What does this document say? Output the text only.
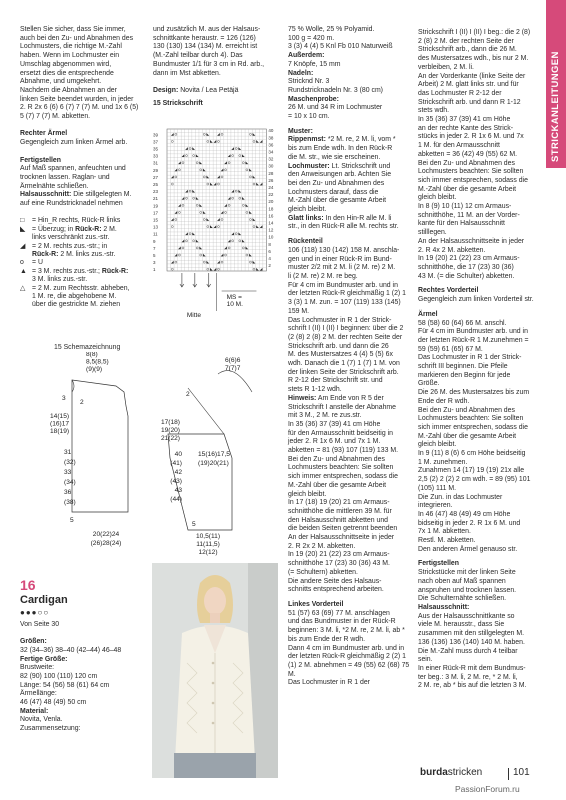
STRICKANLEITUNGEN
Stellen Sie sicher, dass Sie immer,
auch bei den Zu- und Abnahmen des
Lochmusters, die richtige M.-Zahl
haben. Wenn im Lochmuster ein
Umschlag abgenommen wird,
ersetzt dies die entsprechende
Abnahme, und umgekehrt.
Nachdem die Abnahmen an der
linken Seite beendet wurden, in jeder
2. R 2x 6 (6) 6 (7) 7 (7) M. und 1x 6 (5)
5 (7) 7 (7) M. abketten.
Rechter Ärmel
Gegengleich zum linken Ärmel arb.
Fertigstellen
Auf Maß spannen, anfeuchten und
trocknen lassen. Raglan- und
Ärmelnähte schließen.
Halsausschnitt: Die stillgelegten M.
auf eine Rundstricknadel nehmen
□	= Hin_R rechts, Rück-R links
◣ = Überzug; in Rück-R: 2 M.
links verschränkt zus.-str.
◢ = 2 M. rechts zus.-str.; in
Rück-R: 2 M. links zus.-str.
o	= U
▲ = 3 M. rechts zus.-str.; Rück-R:
3 M. links zus.-str.
△ = 2 M. zum Rechtsstr. abheben,
1 M. re, die abgehobene M.
über die gestrickte M. ziehen
und zusätzlich M. aus der Halsaus-
schnittkante heraustr. = 126 (126)
130 (130) 134 (134) M. erreicht ist
(M.-Zahl teilbar durch 4). Das
Bundmuster 1/1 für 3 cm in Rd. arb.,
dann im Mst abketten.
Design: Novita / Lea Petäjä
15 Strickschrift
39
37
35
33
31
29
27
25
23
21
19
17
15
13
11
9
7
5
3
1
40
38
36
34
32
30
28
26
24
22
20
18
16
14
12
10
8
6
4
2
MS =
10 M.
Mitte
15 Schemazeichnung
8(8)
8,5(8,5)
(9)(9)
2
3
14(15)
(16)17
18(19)
31
(32)
33
(34)
36
(38)
5
20(22)24
(26)28(24)
2
17(18)
19(20)
21(22)
40
(41)
42
(43)
43
(44)
15(16)17,5
(19)20(21)
10,5(11)
11(11,5)
12(12)
5
6(6)6
7(7)7
16
Cardigan
●●●○○
Von Seite 30
Größen:
32 (34–36) 38–40 (42–44) 46–48
Fertige Größe:
Brustweite:
82 (90) 100 (110) 120 cm
Länge: 54 (56) 58 (61) 64 cm
Ärmellänge:
46 (47) 48 (49) 50 cm
Material:
Novita, Venla.
Zusammensetzung:
75 % Wolle, 25 % Polyamid.
100 g = 420 m.
3 (3) 4 (4) 5 Knl Fb 010 Naturweiß
Außerdem:
7 Knöpfe, 15 mm
Nadeln:
Stricknd Nr. 3
Rundstricknadeln Nr. 3 (80 cm)
Maschenprobe:
26 M. und 34 R im Lochmuster
= 10 x 10 cm.

Muster:
Rippenmst: *2 M. re, 2 M. li, vom *
bis zum Ende wdh. In den Rück-R
die M. str., wie sie erscheinen.
Lochmuster: Lt. Strickschrift und
den Anweisungen arb. Achten Sie
bei den Zu- und Abnahmen des
Lochmusters darauf, dass die
M.-Zahl über die gesamte Arbeit
gleich bleibt.
Glatt links: In den Hin-R alle M. li
str., in den Rück-R alle M. rechts str.

Rückenteil
106 (118) 130 (142) 158 M. anschla-
gen und in einer Rück-R im Bund-
muster 2/2 mit 2 M. li (2 M. re) 2 M.
li (2 M. re) 2 M. re beg.
Für 4 cm im Bundmuster arb. und in
der letzten Rück-R gleichmäßig 1 (2) 1
3 (3) 1 M. zun. = 107 (119) 133 (145)
159 M.
Das Lochmuster in R 1 der Strick-
schrift I (II) I (II) I beginnen: über die 2
(2 (8) 2 (8) 2 M. der rechten Seite der
Strickschrift arb. und dann die 26
M. des Mustersatzes 4 (4) 5 (5) 6x
wdh. Danach die 1 (7) 1 (7) 1 M. von
der linken Seite der Strickschrift arb.
R 2-12 der Strickschrift str. und
stets R 1-12 wdh.
Hinweis: Am Ende von R 5 der
Strickschrift I anstelle der Abnahme
mit 3 M., 2 M. re zus.str.
In 35 (36) 37 (39) 41 cm Höhe
für den Armausschnitt beidseitig in
jeder 2. R 1x 6 M. und 7x 1 M.
abketten = 81 (93) 107 (119) 133 M.
Bei den Zu- und Abnahmen des
Lochmusters beachten: Sie sollten
sich immer entsprechen, sodass die
M.-Zahl über die gesamte Arbeit
gleich bleibt.
In 17 (18) 19 (20) 21 cm Armaus-
schnitthöhe die mittleren 39 M. für
den Halsausschnitt abketten und
die beiden Seiten getrennt beenden
An der Halsausschnittseite in jeder
2. R 2x 2 M. abketten.
In 19 (20) 21 (22) 23 cm Armaus-
schnitthöhe 17 (23) 30 (36) 43 M.
(= Schultern) abketten.
Die andere Seite des Halsaus-
schnitts entsprechend arbeiten.

Linkes Vorderteil
51 (57) 63 (69) 77 M. anschlagen
und das Bundmuster in der Rück-R
beginnen: 3 M. li, *2 M. re, 2 M. li, ab *
bis zum Ende der R wdh.
Dann 4 cm im Bundmuster arb. und in
der letzten Rück-R gleichmäßig 2 (2) 1
(1) 2 M. abnehmen = 49 (55) 62 (68) 75
M.
Das Lochmuster in R 1 der
Strickschrift I (II) I (II) I beg.: die 2 (8)
2 (8) 2 M. der rechten Seite der
Strickschrift arb., dann die 26 M.
des Mustersatzes wdh., bis nur 2 M.
verbleiben, 2 M. li.
An der Vorderkante (linke Seite der
Arbeit) 2 M. glatt links str. und für
das Lochmuster R 2-12 der
Strickschrift arb. und dann R 1-12
stets wdh.
In 35 (36) 37 (39) 41 cm Höhe
an der rechte Kante des Strick-
stücks in jeder 2. R 1x 6 M. und 7x
1 M. für den Armausschnitt
abketten = 36 (42) 49 (55) 62 M.
Bei den Zu- und Abnahmen des
Lochmusters beachten: Sie sollten
sich immer entsprechen, sodass die
M.-Zahl über die gesamte Arbeit
gleich bleibt.
In 8 (9) 10 (11) 12 cm Armaus-
schnitthöhe, 11 M. an der Vorder-
kante für den Halsausschnitt
stilllegen.
An der Halsausschnittseite in jeder
2. R 4x 2 M. abketten.
In 19 (20) 21 (22) 23 cm Armaus-
schnitthöhe, die 17 (23) 30 (36)
43 M. (= die Schulter) abketten.

Rechtes Vorderteil
Gegengleich zum linken Vorderteil str.

Ärmel
58 (58) 60 (64) 66 M. anschl.
Für 4 cm im Bundmuster arb. und in
der letzten Rück-R 1 M.zunehmen =
59 (59) 61 (65) 67 M.
Das Lochmuster in R 1 der Strick-
schrift III beginnen. Die Pfeile
markieren den Beginn für jede
Größe.
Die 26 M. des Mustersatzes bis zum
Ende der R wdh.
Bei den Zu- und Abnahmen des
Lochmusters beachten: Sie sollten
sich immer entsprechen, sodass die
M.-Zahl über die gesamte Arbeit
gleich bleibt.
In 9 (11) 8 (6) 6 cm Höhe beidseitig
1 M. zunehmen.
Zunahmen 14 (17) 19 (19) 21x alle
2,5 (2) 2 (2) 2 cm wdh. = 89 (95) 101
(105) 111 M.
Die Zun. in das Lochmuster
integrieren.
In 46 (47) 48 (49) 49 cm Höhe
bidseitig in jeder 2. R 1x 6 M. und
7x 1 M. abketten.
Restl. M. abketten.
Den anderen Ärmel genauso str.

Fertigstellen
Strickstücke mit der linken Seite
nach oben auf Maß spannen
anspruhen und trocknen lassen.
Die Schulternähte schließen.
Halsausschnitt:
Aus der Halsausschnittkante so
viele M. herausstr., dass Sie
zusammen mit den stillgelegten M.
136 (136) 136 (140) 140 M. haben.
Die M.-Zahl muss durch 4 teilbar
sein.
In einer Rück-R mit dem Bundmus-
ter beg.: 3 M. li, 2 M. re, * 2 M. li,
2 M. re, ab * bis auf die letzten 3 M.
burdastricken	101
PassionForum.ru
